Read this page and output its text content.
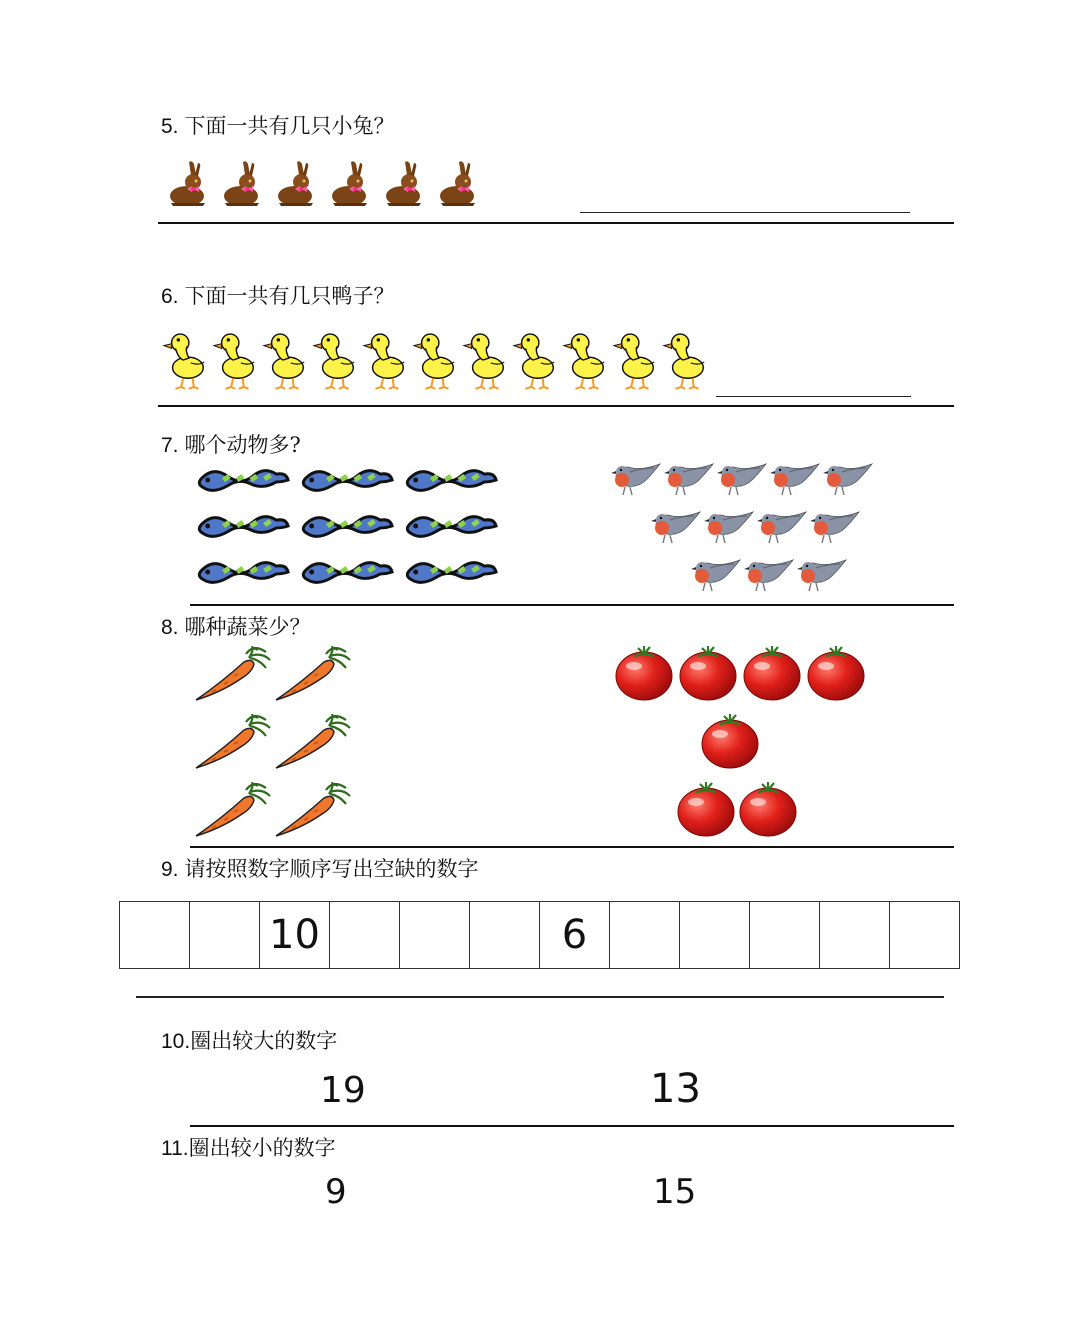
5. 下面一共有几只小兔？
6. 下面一共有几只鸭子？
7. 哪个动物多?
8. 哪种蔬菜少？
9. 请按照数字顺序写出空缺的数字
		10				6					
10.圈出较大的数字
19	13
11.圈出较小的数字
9	15
